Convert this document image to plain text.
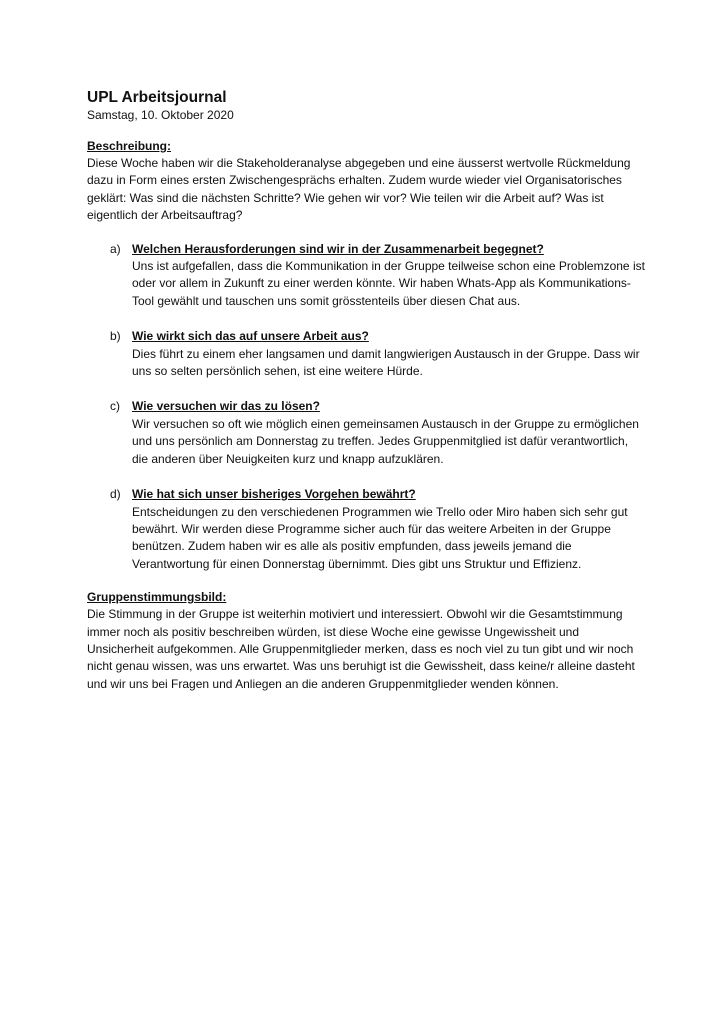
UPL Arbeitsjournal

Samstag, 10. Oktober 2020

Beschreibung:

Diese Woche haben wir die Stakeholderanalyse abgegeben und eine äusserst wertvolle Rückmeldung dazu in Form eines ersten Zwischengesprächs erhalten. Zudem wurde wieder viel Organisatorisches geklärt: Was sind die nächsten Schritte? Wie gehen wir vor? Wie teilen wir die Arbeit auf? Was ist eigentlich der Arbeitsauftrag?

a) Welchen Herausforderungen sind wir in der Zusammenarbeit begegnet?

Uns ist aufgefallen, dass die Kommunikation in der Gruppe teilweise schon eine Problemzone ist oder vor allem in Zukunft zu einer werden könnte. Wir haben Whats-App als Kommunikations-Tool gewählt und tauschen uns somit grösstenteils über diesen Chat aus.

b) Wie wirkt sich das auf unsere Arbeit aus?

Dies führt zu einem eher langsamen und damit langwierigen Austausch in der Gruppe. Dass wir uns so selten persönlich sehen, ist eine weitere Hürde.

c) Wie versuchen wir das zu lösen?

Wir versuchen so oft wie möglich einen gemeinsamen Austausch in der Gruppe zu ermöglichen und uns persönlich am Donnerstag zu treffen. Jedes Gruppenmitglied ist dafür verantwortlich, die anderen über Neuigkeiten kurz und knapp aufzuklären.

d) Wie hat sich unser bisheriges Vorgehen bewährt?

Entscheidungen zu den verschiedenen Programmen wie Trello oder Miro haben sich sehr gut bewährt. Wir werden diese Programme sicher auch für das weitere Arbeiten in der Gruppe benützen. Zudem haben wir es alle als positiv empfunden, dass jeweils jemand die Verantwortung für einen Donnerstag übernimmt. Dies gibt uns Struktur und Effizienz.

Gruppenstimmungsbild:

Die Stimmung in der Gruppe ist weiterhin motiviert und interessiert. Obwohl wir die Gesamtstimmung immer noch als positiv beschreiben würden, ist diese Woche eine gewisse Ungewissheit und Unsicherheit aufgekommen. Alle Gruppenmitglieder merken, dass es noch viel zu tun gibt und wir noch nicht genau wissen, was uns erwartet. Was uns beruhigt ist die Gewissheit, dass keine/r alleine dasteht und wir uns bei Fragen und Anliegen an die anderen Gruppenmitglieder wenden können.
